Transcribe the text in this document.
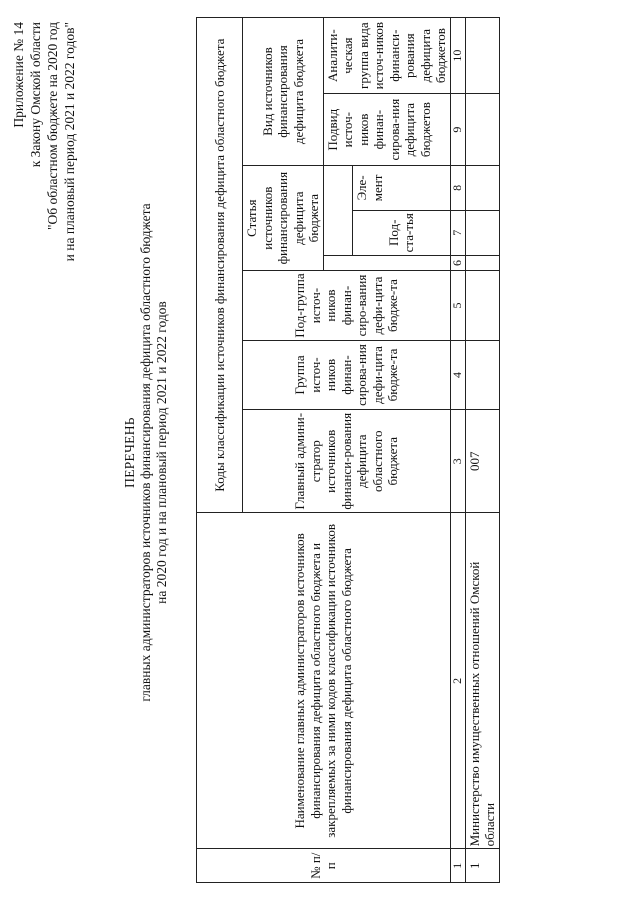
Приложение № 14 к Закону Омской области "Об областном бюджете на 2020 год и на плановый период 2021 и 2022 годов"
ПЕРЕЧЕНЬ главных администраторов источников финансирования дефицита областного бюджета на 2020 год и на плановый период 2021 и 2022 годов
№ п/п	Наименование главных администраторов источников финансирования дефицита областного бюджета и закрепляемых за ними кодов классификации источников финансирования дефицита областного бюджета	Коды классификации источников финансирования дефицита областного бюджета							
		Главный админи-стратор источников финанси-рования дефицита областного бюджета	Группа источ-ников финан-сирова-ния дефи-цита бюдже-та	Под-группа источ-ников финан-сиро-вания дефи-цита бюдже-та	Статья источников финансирования дефицита бюджета			Вид источников финансирования дефицита бюджета	
								Подвид источ-ников финан-сирова-ния дефицита бюджетов	Аналити-ческая группа вида источ-ников финанси-рования дефицита бюджетов
						Под-ста-тья	Эле-мент		
1	2	3	4	5	6	7	8	9	10
1	Министерство имущественных отношений Омской области	007							
